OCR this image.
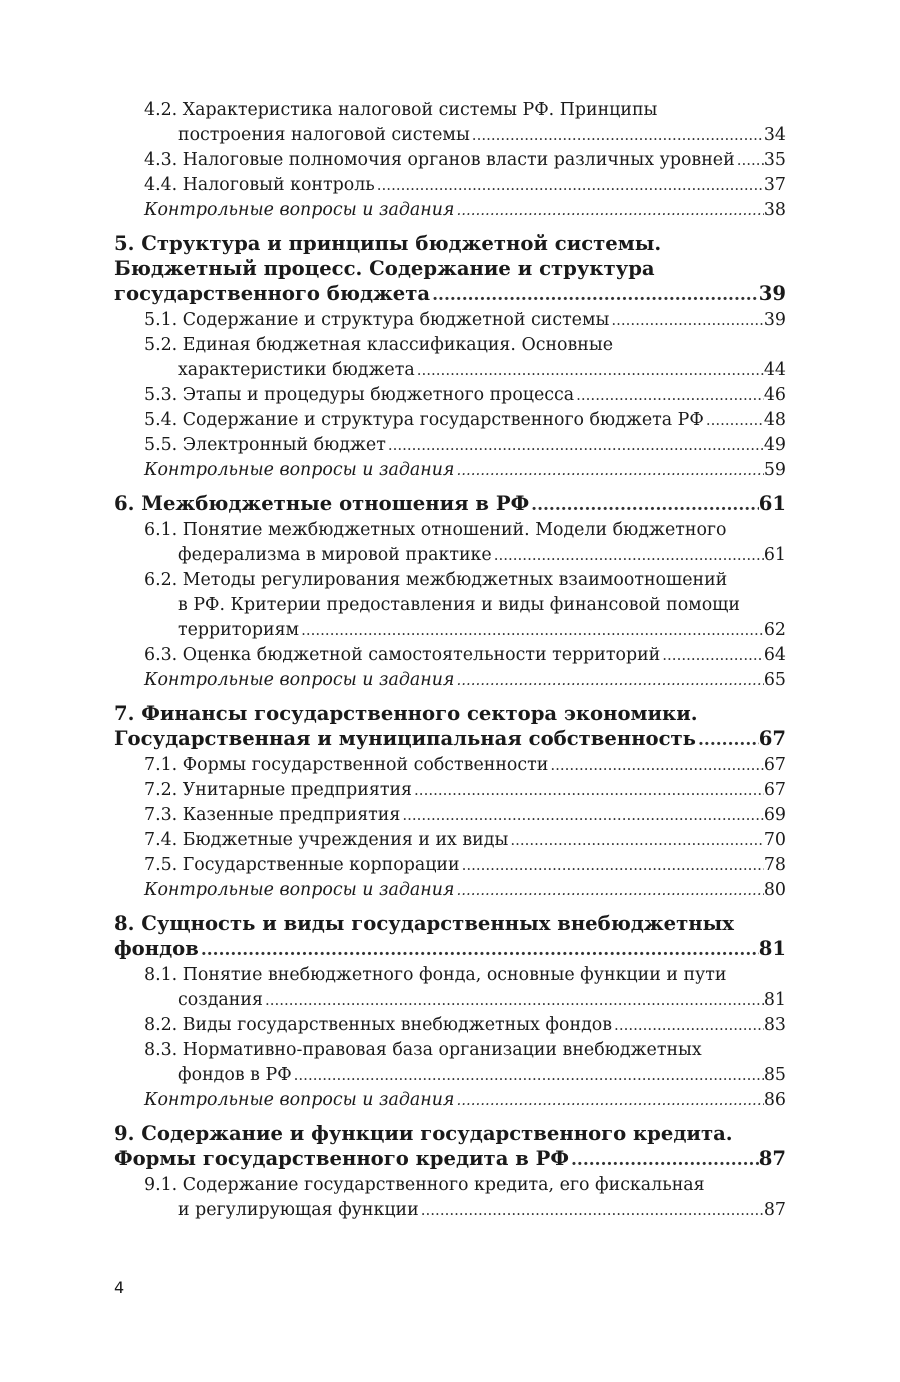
4.2. Характеристика налоговой системы РФ. Принципы
построения налоговой системы .....	34
4.3. Налоговые полномочия органов власти различных уровней ..... 35
4.4. Налоговый контроль .....	37
Контрольные вопросы и задания .....	38
5. Структура и принципы бюджетной системы.
Бюджетный процесс. Содержание и структура
государственного бюджета .....	39
5.1. Содержание и структура бюджетной системы .....	39
5.2. Единая бюджетная классификация. Основные
характеристики бюджета .....	44
5.3. Этапы и процедуры бюджетного процесса .....	46
5.4. Содержание и структура государственного бюджета РФ .....	48
5.5. Электронный бюджет .....	49
Контрольные вопросы и задания .....	59
6. Межбюджетные отношения в РФ .....	61
6.1. Понятие межбюджетных отношений. Модели бюджетного
федерализма в мировой практике .....	61
6.2. Методы регулирования межбюджетных взаимоотношений
в РФ. Критерии предоставления и виды финансовой помощи
территориям .....	62
6.3. Оценка бюджетной самостоятельности территорий .....	64
Контрольные вопросы и задания .....	65
7. Финансы государственного сектора экономики.
Государственная и муниципальная собственность .....	67
7.1. Формы государственной собственности .....	67
7.2. Унитарные предприятия .....	67
7.3. Казенные предприятия .....	69
7.4. Бюджетные учреждения и их виды .....	70
7.5. Государственные корпорации .....	78
Контрольные вопросы и задания .....	80
8. Сущность и виды государственных внебюджетных
фондов .....	81
8.1. Понятие внебюджетного фонда, основные функции и пути
создания .....	81
8.2. Виды государственных внебюджетных фондов .....	83
8.3. Нормативно-правовая база организации внебюджетных
фондов в РФ .....	85
Контрольные вопросы и задания .....	86
9. Содержание и функции государственного кредита.
Формы государственного кредита в РФ .....	87
9.1. Содержание государственного кредита, его фискальная
и регулирующая функции .....	87
4
